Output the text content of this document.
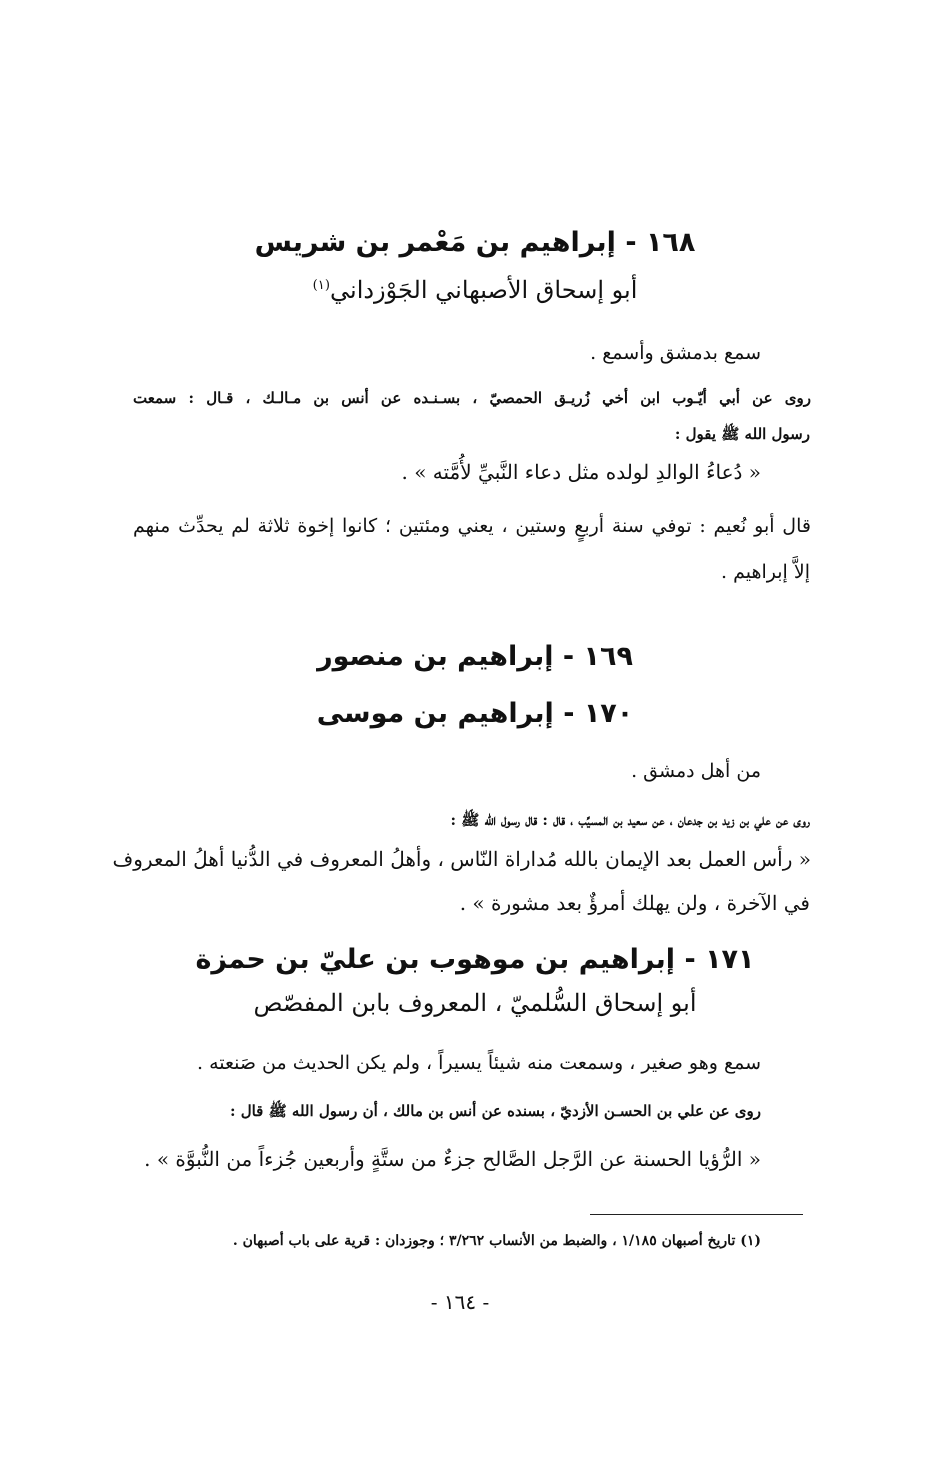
١٦٨ - إبراهيم بن مَعْمر بن شريس
أبو إسحاق الأصبهاني الجَوْزداني$^{(١)}$

سمع بدمشق وأسمع .

روى عن أبي أيّـوب ابن أخي زُريـق الحمصيّ ، بسـنـده عن أنس بن مـالـك ، قـال : سمعت

رسول الله ﷺ يقول :

« دُعاءُ الوالدِ لولده مثل دعاء النَّبيِّ لأُمَّته » .

قال أبو نُعيم : توفي سنة أربعٍ وستين ، يعني ومئتين ؛ كانوا إخوة ثلاثة لم يحدِّث منهم

إلاَّ إبراهيم .

١٦٩ - إبراهيم بن منصور
١٧٠ - إبراهيم بن موسى

من أهل دمشق .

روى عن علي بن زيد بن جدعان ، عن سعيد بن المسيِّب ، قال : قال رسول الله ﷺ :

« رأس العمل بعد الإيمان بالله مُداراة النّاس ، وأهلُ المعروف في الدُّنيا أهلُ المعروف

في الآخرة ، ولن يهلك أمرؤٌ بعد مشورة » .

١٧١ - إبراهيم بن موهوب بن عليّ بن حمزة
أبو إسحاق السُّلميّ ، المعروف بابن المفصّص

سمع وهو صغير ، وسمعت منه شيئاً يسيراً ، ولم يكن الحديث من صَنعته .

روى عن علي بن الحسـن الأزديّ ، بسنده عن أنس بن مالك ، أن رسول الله ﷺ قال :

« الرُّؤيا الحسنة عن الرَّجل الصَّالح جزءٌ من ستَّةٍ وأربعين جُزءاً من النُّبوَّة » .

(١) تاريخ أصبهان ١/١٨٥ ، والضبط من الأنساب ٣/٢٦٢ ؛ وجوزدان : قرية على باب أصبهان .

- ١٦٤ -
